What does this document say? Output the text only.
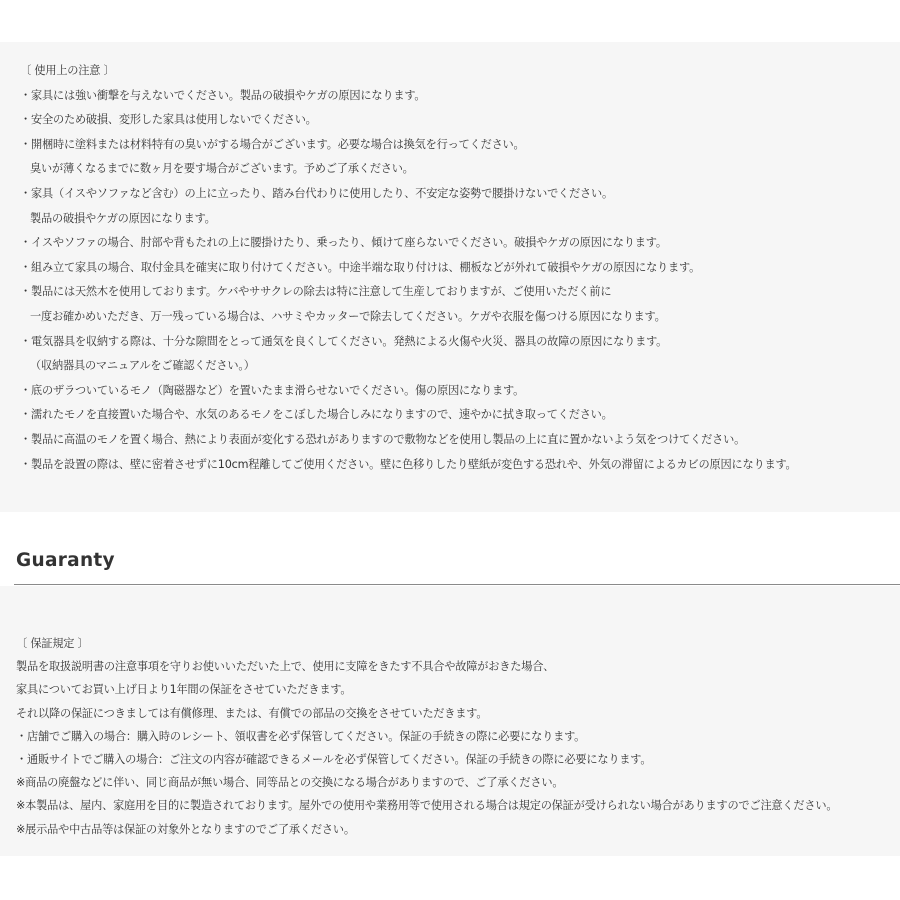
〔 使用上の注意 〕
・家具には強い衝撃を与えないでください。製品の破損やケガの原因になります。
・安全のため破損、変形した家具は使用しないでください。
・開梱時に塗料または材料特有の臭いがする場合がございます。必要な場合は換気を行ってください。
臭いが薄くなるまでに数ヶ月を要す場合がございます。予めご了承ください。
・家具（イスやソファなど含む）の上に立ったり、踏み台代わりに使用したり、不安定な姿勢で腰掛けないでください。
製品の破損やケガの原因になります。
・イスやソファの場合、肘部や背もたれの上に腰掛けたり、乗ったり、傾けて座らないでください。破損やケガの原因になります。
・組み立て家具の場合、取付金具を確実に取り付けてください。中途半端な取り付けは、棚板などが外れて破損やケガの原因になります。
・製品には天然木を使用しております。ケバやササクレの除去は特に注意して生産しておりますが、ご使用いただく前に
一度お確かめいただき、万一残っている場合は、ハサミやカッターで除去してください。ケガや衣服を傷つける原因になります。
・電気器具を収納する際は、十分な隙間をとって通気を良くしてください。発熱による火傷や火災、器具の故障の原因になります。
（収納器具のマニュアルをご確認ください。）
・底のザラついているモノ（陶磁器など）を置いたまま滑らせないでください。傷の原因になります。
・濡れたモノを直接置いた場合や、水気のあるモノをこぼした場合しみになりますので、速やかに拭き取ってください。
・製品に高温のモノを置く場合、熱により表面が変化する恐れがありますので敷物などを使用し製品の上に直に置かないよう気をつけてください。
・製品を設置の際は、壁に密着させずに10cm程離してご使用ください。壁に色移りしたり壁紙が変色する恐れや、外気の滞留によるカビの原因になります。
Guaranty
〔 保証規定 〕
製品を取扱説明書の注意事項を守りお使いいただいた上で、使用に支障をきたす不具合や故障がおきた場合、
家具についてお買い上げ日より1年間の保証をさせていただきます。
それ以降の保証につきましては有償修理、または、有償での部品の交換をさせていただきます。
・店舗でご購入の場合：購入時のレシート、領収書を必ず保管してください。保証の手続きの際に必要になります。
・通販サイトでご購入の場合：ご注文の内容が確認できるメールを必ず保管してください。保証の手続きの際に必要になります。
※商品の廃盤などに伴い、同じ商品が無い場合、同等品との交換になる場合がありますので、ご了承ください。
※本製品は、屋内、家庭用を目的に製造されております。屋外での使用や業務用等で使用される場合は規定の保証が受けられない場合がありますのでご注意ください。
※展示品や中古品等は保証の対象外となりますのでご了承ください。
